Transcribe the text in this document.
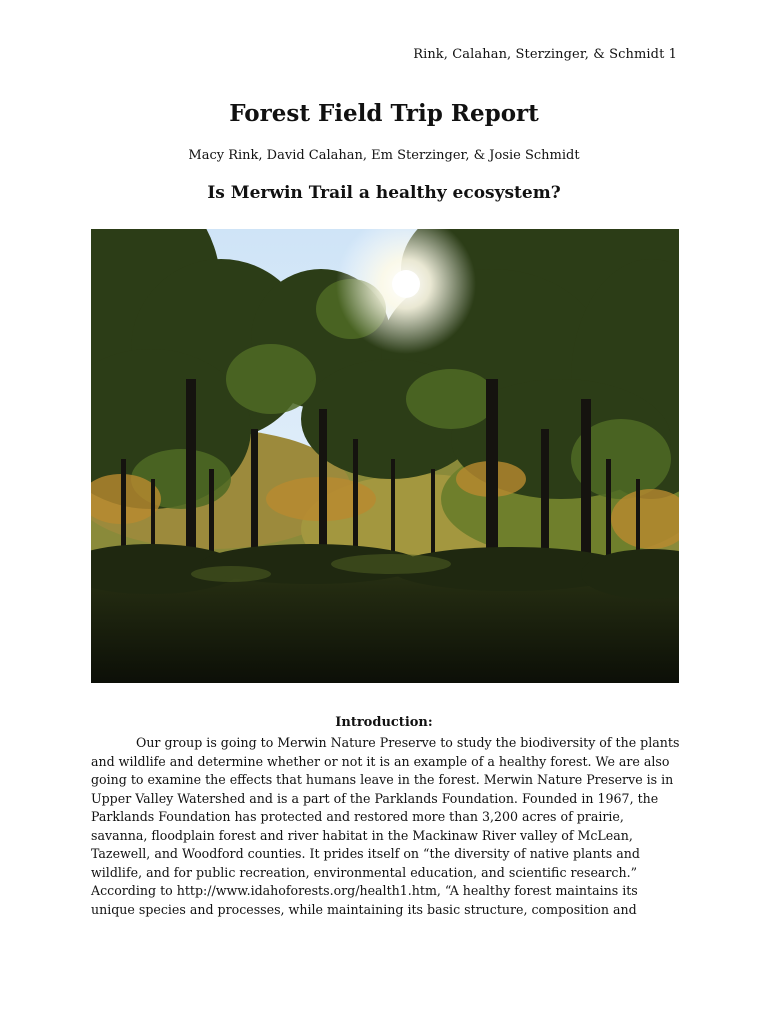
Rink, Calahan, Sterzinger, & Schmidt 1
Forest Field Trip Report
Macy Rink, David Calahan, Em Sterzinger, & Josie Schmidt
Is Merwin Trail a healthy ecosystem?
Introduction:

Our group is going to Merwin Nature Preserve to study the biodiversity of the plants
and wildlife and determine whether or not it is an example of a healthy forest. We are also
going to examine the effects that humans leave in the forest. Merwin Nature Preserve is in
Upper Valley Watershed and is a part of the Parklands Foundation. Founded in 1967, the
Parklands Foundation has protected and restored more than 3,200 acres of prairie,
savanna, floodplain forest and river habitat in the Mackinaw River valley of McLean,
Tazewell, and Woodford counties. It prides itself on “the diversity of native plants and
wildlife, and for public recreation, environmental education, and scientific research.”
According to http://www.idahoforests.org/health1.htm, “A healthy forest maintains its
unique species and processes, while maintaining its basic structure, composition and
